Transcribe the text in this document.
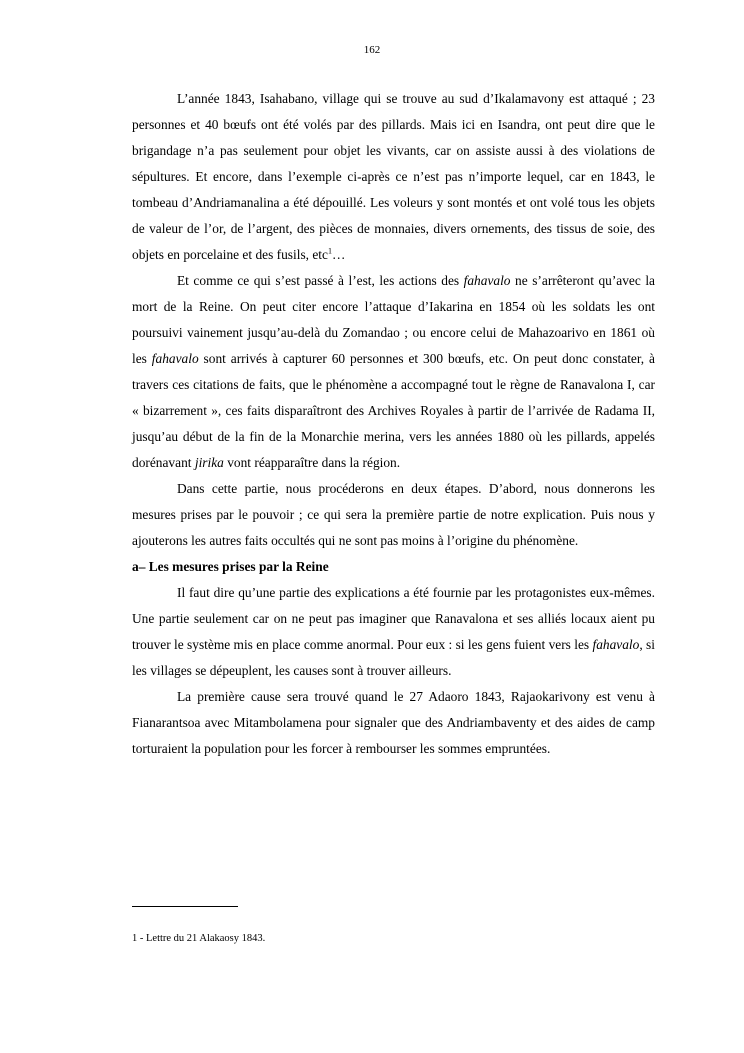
162

L’année 1843, Isahabano, village qui se trouve au sud d’Ikalamavony est attaqué ; 23 personnes et 40 bœufs ont été volés par des pillards. Mais ici en Isandra, ont peut dire que le brigandage n’a pas seulement pour objet les vivants, car on assiste aussi à des violations de sépultures. Et encore, dans l’exemple ci-après ce n’est pas n’importe lequel, car en 1843, le tombeau d’Andriamanalina a été dépouillé. Les voleurs y sont montés et ont volé tous les objets de valeur de l’or, de l’argent, des pièces de monnaies, divers ornements, des tissus de soie, des objets en porcelaine et des fusils, etc$^1$…

Et comme ce qui s’est passé à l’est, les actions des fahavalo ne s’arrêteront qu’avec la mort de la Reine. On peut citer encore l’attaque d’Iakarina en 1854 où les soldats les ont poursuivi vainement jusqu’au-delà du Zomandao ; ou encore celui de Mahazoarivo en 1861 où les fahavalo sont arrivés à capturer 60 personnes et 300 bœufs, etc. On peut donc constater, à travers ces citations de faits, que le phénomène a accompagné tout le règne de Ranavalona I, car « bizarrement », ces faits disparaîtront des Archives Royales à partir de l’arrivée de Radama II, jusqu’au début de la fin de la Monarchie merina, vers les années 1880 où les pillards, appelés dorénavant jirika vont réapparaître dans la région.

Dans cette partie, nous procéderons en deux étapes. D’abord, nous donnerons les mesures prises par le pouvoir ; ce qui sera la première partie de notre explication. Puis nous y ajouterons les autres faits occultés qui ne sont pas moins à l’origine du phénomène.

a– Les mesures prises par la Reine

Il faut dire qu’une partie des explications a été fournie par les protagonistes eux-mêmes. Une partie seulement car on ne peut pas imaginer que Ranavalona et ses alliés locaux aient pu trouver le système mis en place comme anormal. Pour eux : si les gens fuient vers les fahavalo, si les villages se dépeuplent, les causes sont à trouver ailleurs.

La première cause sera trouvé quand le 27 Adaoro 1843, Rajaokarivony est venu à Fianarantsoa avec Mitambolamena pour signaler que des Andriambaventy et des aides de camp torturaient la population pour les forcer à rembourser les sommes empruntées.

1 - Lettre du 21 Alakaosy 1843.
